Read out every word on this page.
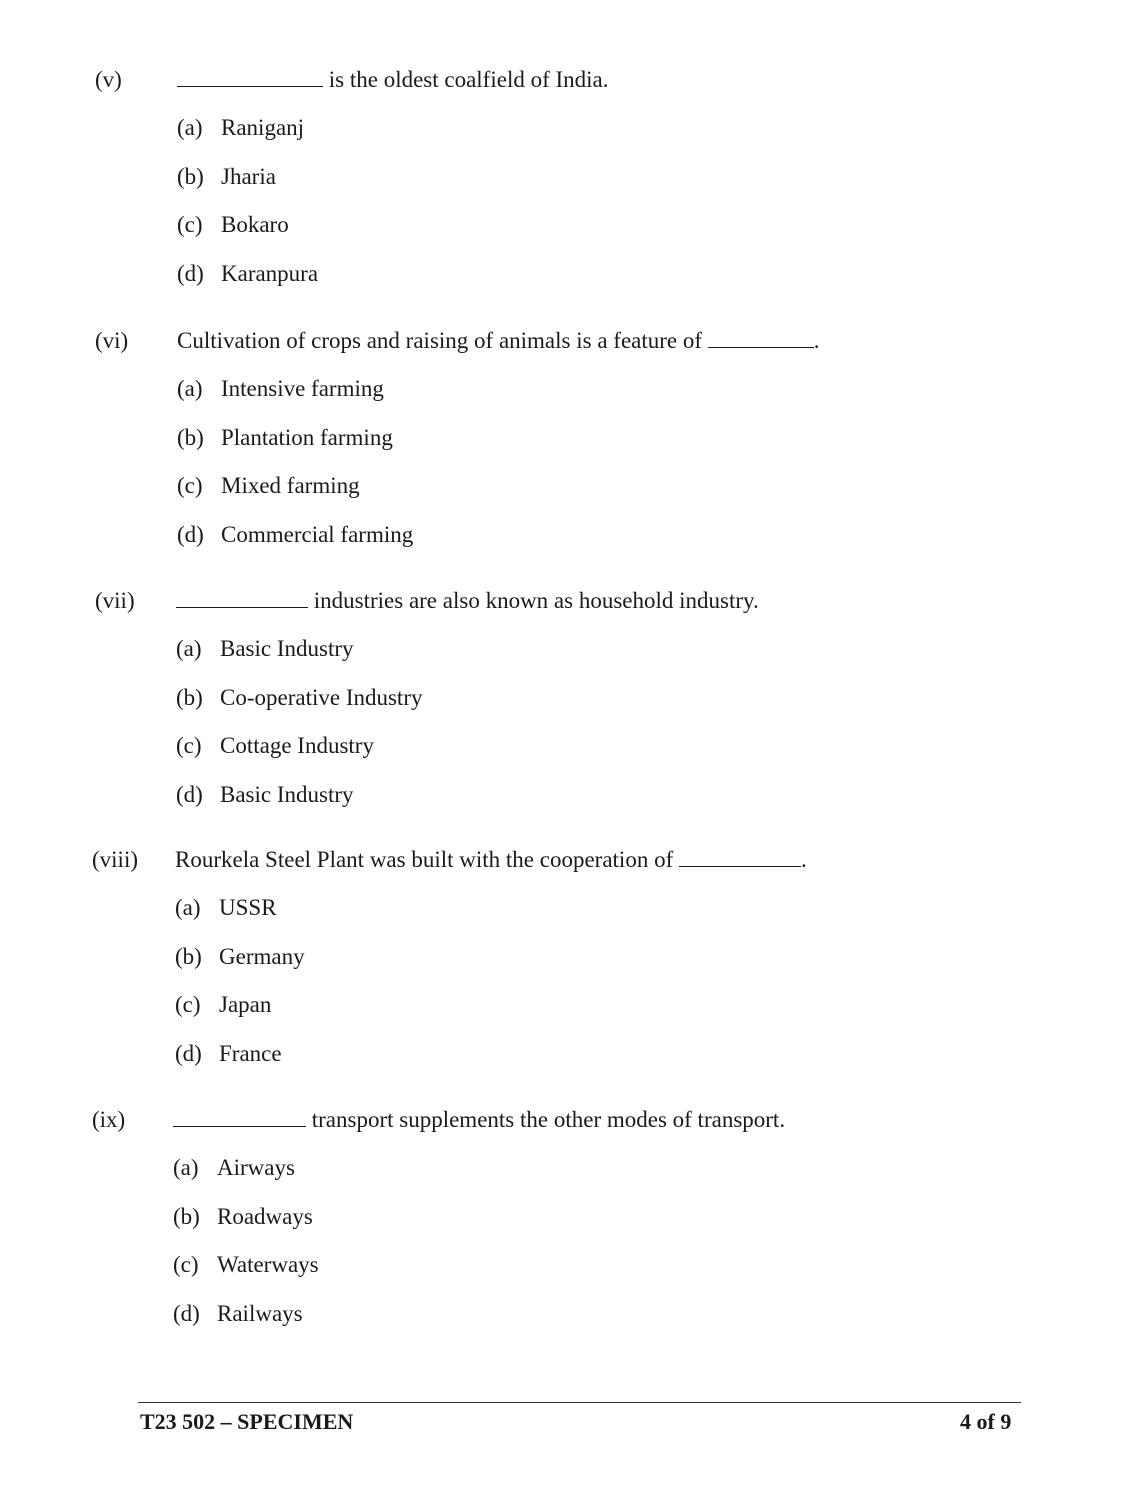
(v)	is the oldest coalfield of India.
(a) Raniganj
(b) Jharia
(c) Bokaro
(d) Karanpura
(vi) Cultivation of crops and raising of animals is a feature of	.
(a) Intensive farming
(b) Plantation farming
(c) Mixed farming
(d) Commercial farming
(vii)	industries are also known as household industry.
(a) Basic Industry
(b) Co-operative Industry
(c) Cottage Industry
(d) Basic Industry
(viii) Rourkela Steel Plant was built with the cooperation of	.
(a) USSR
(b) Germany
(c) Japan
(d) France
(ix)	transport supplements the other modes of transport.
(a) Airways
(b) Roadways
(c) Waterways
(d) Railways
T23 502 – SPECIMEN	4 of 9
